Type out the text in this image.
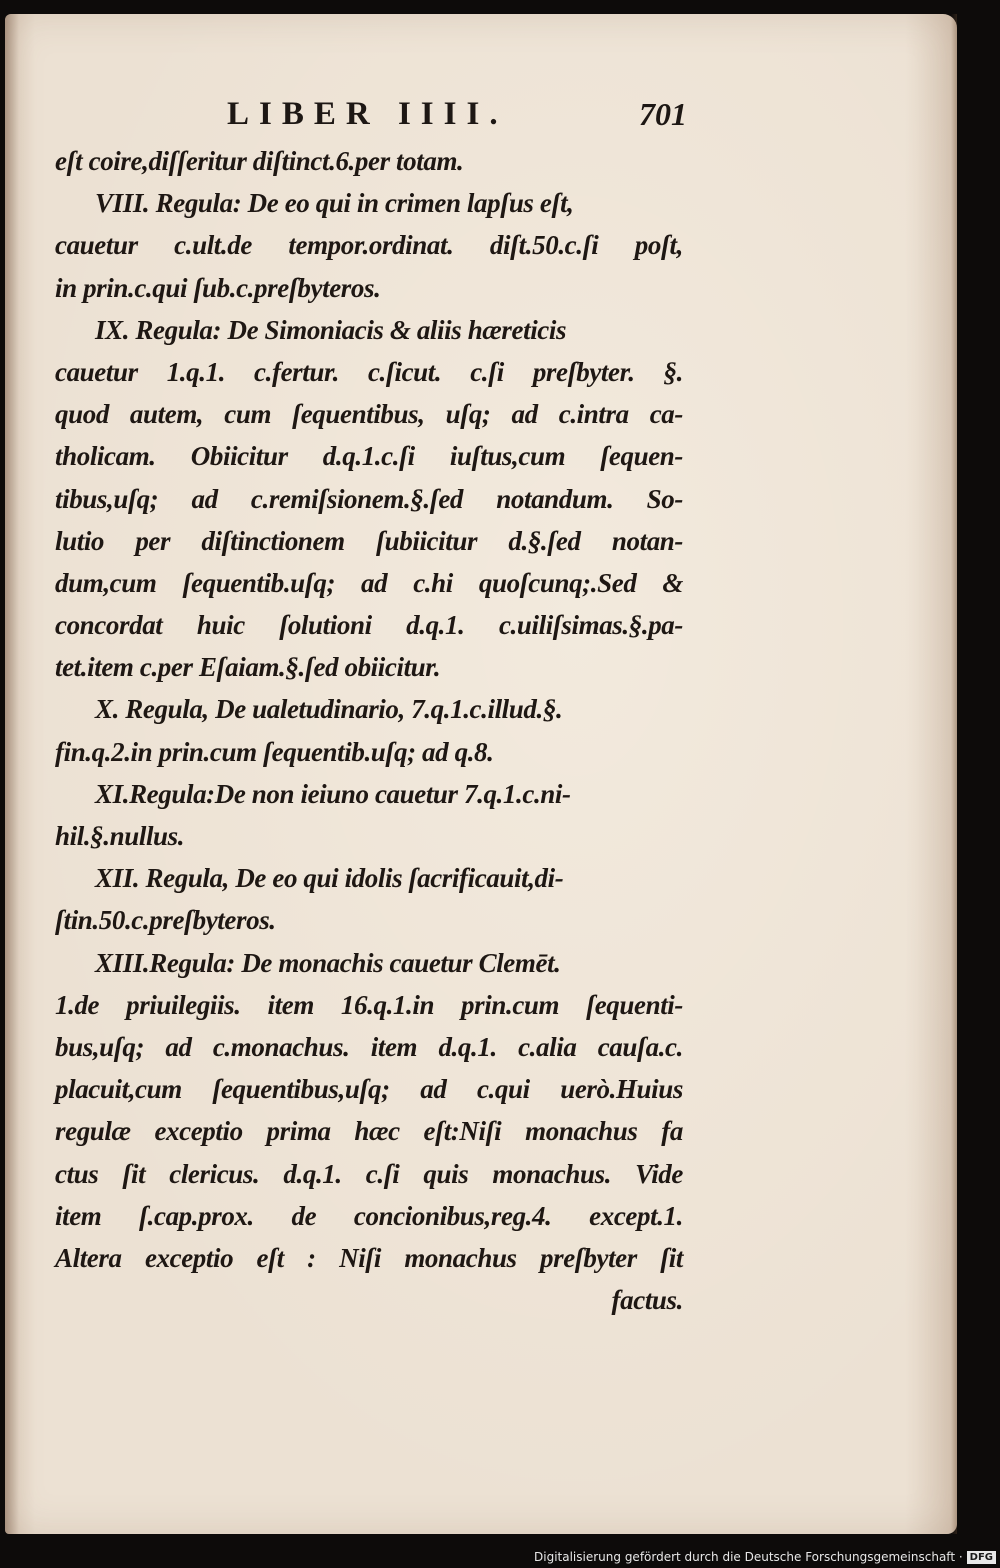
LIBER IIII.	701
eſt coire,diſſeritur diſtinct.6.per totam.
VIII. Regula: De eo qui in crimen lapſus eſt,
cauetur c.ult.de tempor.ordinat. diſt.50.c.ſi poſt,
in prin.c.qui ſub.c.preſbyteros.
IX. Regula: De Simoniacis & aliis hæreticis
cauetur 1.q.1. c.fertur. c.ſicut. c.ſi preſbyter. §.
quod autem, cum ſequentibus, uſq; ad c.intra ca-
tholicam. Obiicitur d.q.1.c.ſi iuſtus,cum ſequen-
tibus,uſq; ad c.remiſsionem.§.ſed notandum. So-
lutio per diſtinctionem ſubiicitur d.§.ſed notan-
dum,cum ſequentib.uſq; ad c.hi quoſcunq;.Sed &
concordat huic ſolutioni d.q.1. c.uiliſsimas.§.pa-
tet.item c.per Eſaiam.§.ſed obiicitur.
X. Regula, De ualetudinario, 7.q.1.c.illud.§.
fin.q.2.in prin.cum ſequentib.uſq; ad q.8.
XI.Regula:De non ieiuno cauetur 7.q.1.c.ni-
hil.§.nullus.
XII. Regula, De eo qui idolis ſacrificauit,di-
ſtin.50.c.preſbyteros.
XIII.Regula: De monachis cauetur Clemēt.
1.de priuilegiis. item 16.q.1.in prin.cum ſequenti-
bus,uſq; ad c.monachus. item d.q.1. c.alia cauſa.c.
placuit,cum ſequentibus,uſq; ad c.qui uerò.Huius
regulæ exceptio prima hæc eſt:Niſi monachus fa
ctus ſit clericus. d.q.1. c.ſi quis monachus. Vide
item ſ.cap.prox. de concionibus,reg.4. except.1.
Altera exceptio eſt : Niſi monachus preſbyter ſit
factus.
Digitalisierung gefördert durch die Deutsche Forschungsgemeinschaft · DFG
